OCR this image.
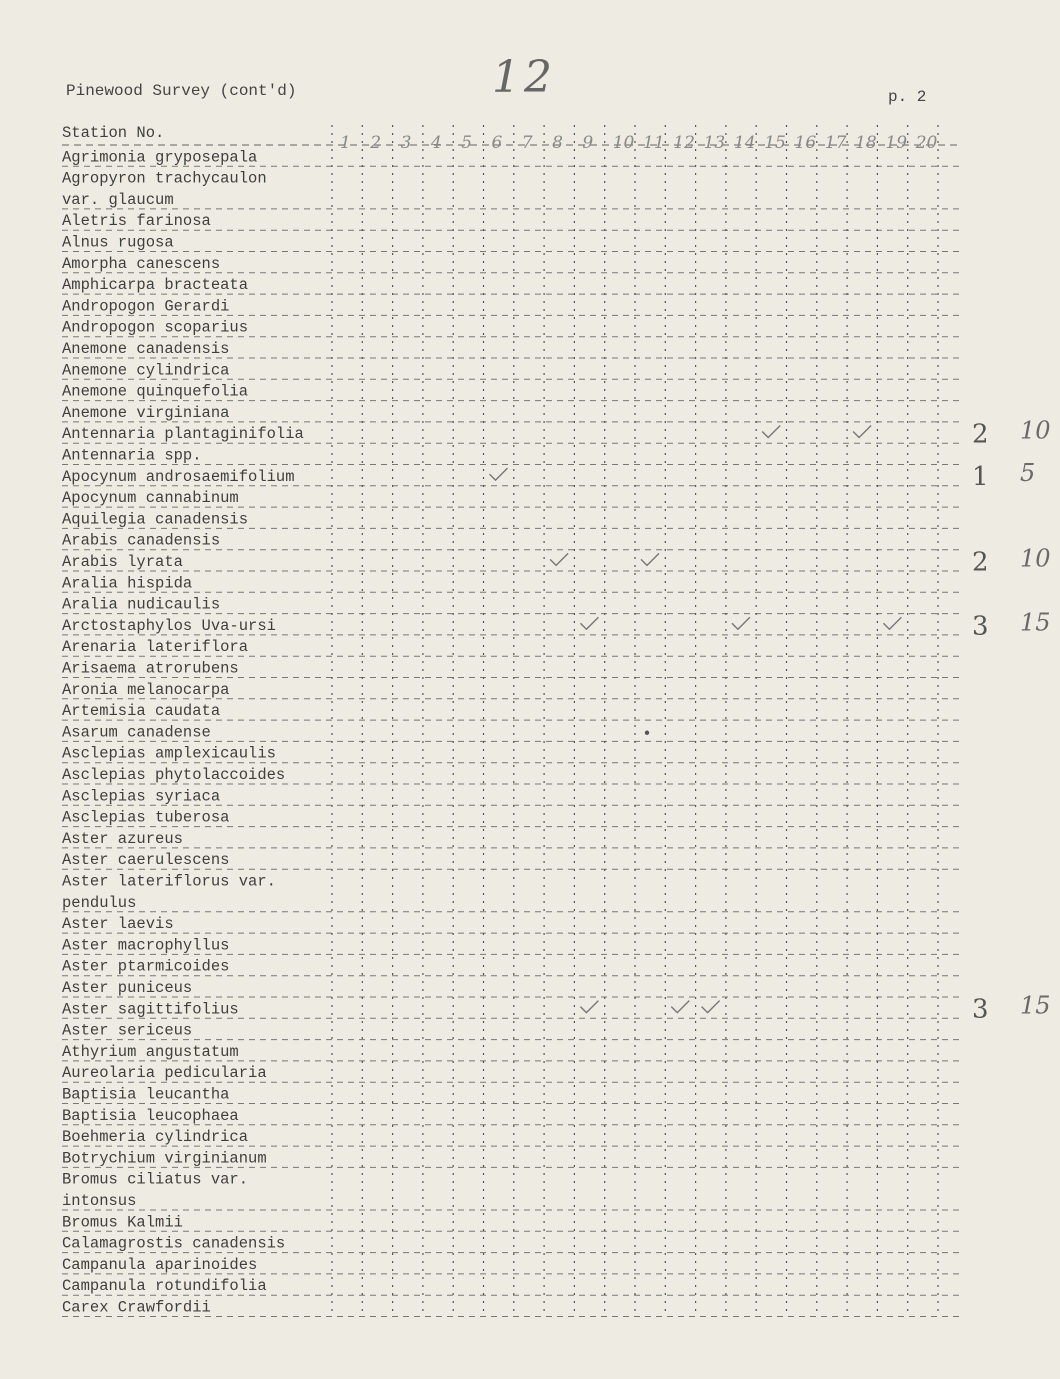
Pinewood Survey (cont'd)	12	p. 2
Station No.
Agrimonia gryposepala
Agropyron trachycaulon
var. glaucum
Aletris farinosa
Alnus rugosa
Amorpha canescens
Amphicarpa bracteata
Andropogon Gerardi
Andropogon scoparius
Anemone canadensis
Anemone cylindrica
Anemone quinquefolia
Anemone virginiana
Antennaria plantaginifolia
Antennaria spp.
Apocynum androsaemifolium
Apocynum cannabinum
Aquilegia canadensis
Arabis canadensis
Arabis lyrata
Aralia hispida
Aralia nudicaulis
Arctostaphylos Uva-ursi
Arenaria lateriflora
Arisaema atrorubens
Aronia melanocarpa
Artemisia caudata
Asarum canadense
Asclepias amplexicaulis
Asclepias phytolaccoides
Asclepias syriaca
Asclepias tuberosa
Aster azureus
Aster caerulescens
Aster lateriflorus var.
pendulus
Aster laevis
Aster macrophyllus
Aster ptarmicoides
Aster puniceus
Aster sagittifolius
Aster sericeus
Athyrium angustatum
Aureolaria pedicularia
Baptisia leucantha
Baptisia leucophaea
Boehmeria cylindrica
Botrychium virginianum
Bromus ciliatus var.
intonsus
Bromus Kalmii
Calamagrostis canadensis
Campanula aparinoides
Campanula rotundifolia
Carex Crawfordii
1 2 3 4 5 6 7 8 9 10 11 12 13 14 15 16 17 18 19 20
2 10
1 5
2 10
3 15
3 15
